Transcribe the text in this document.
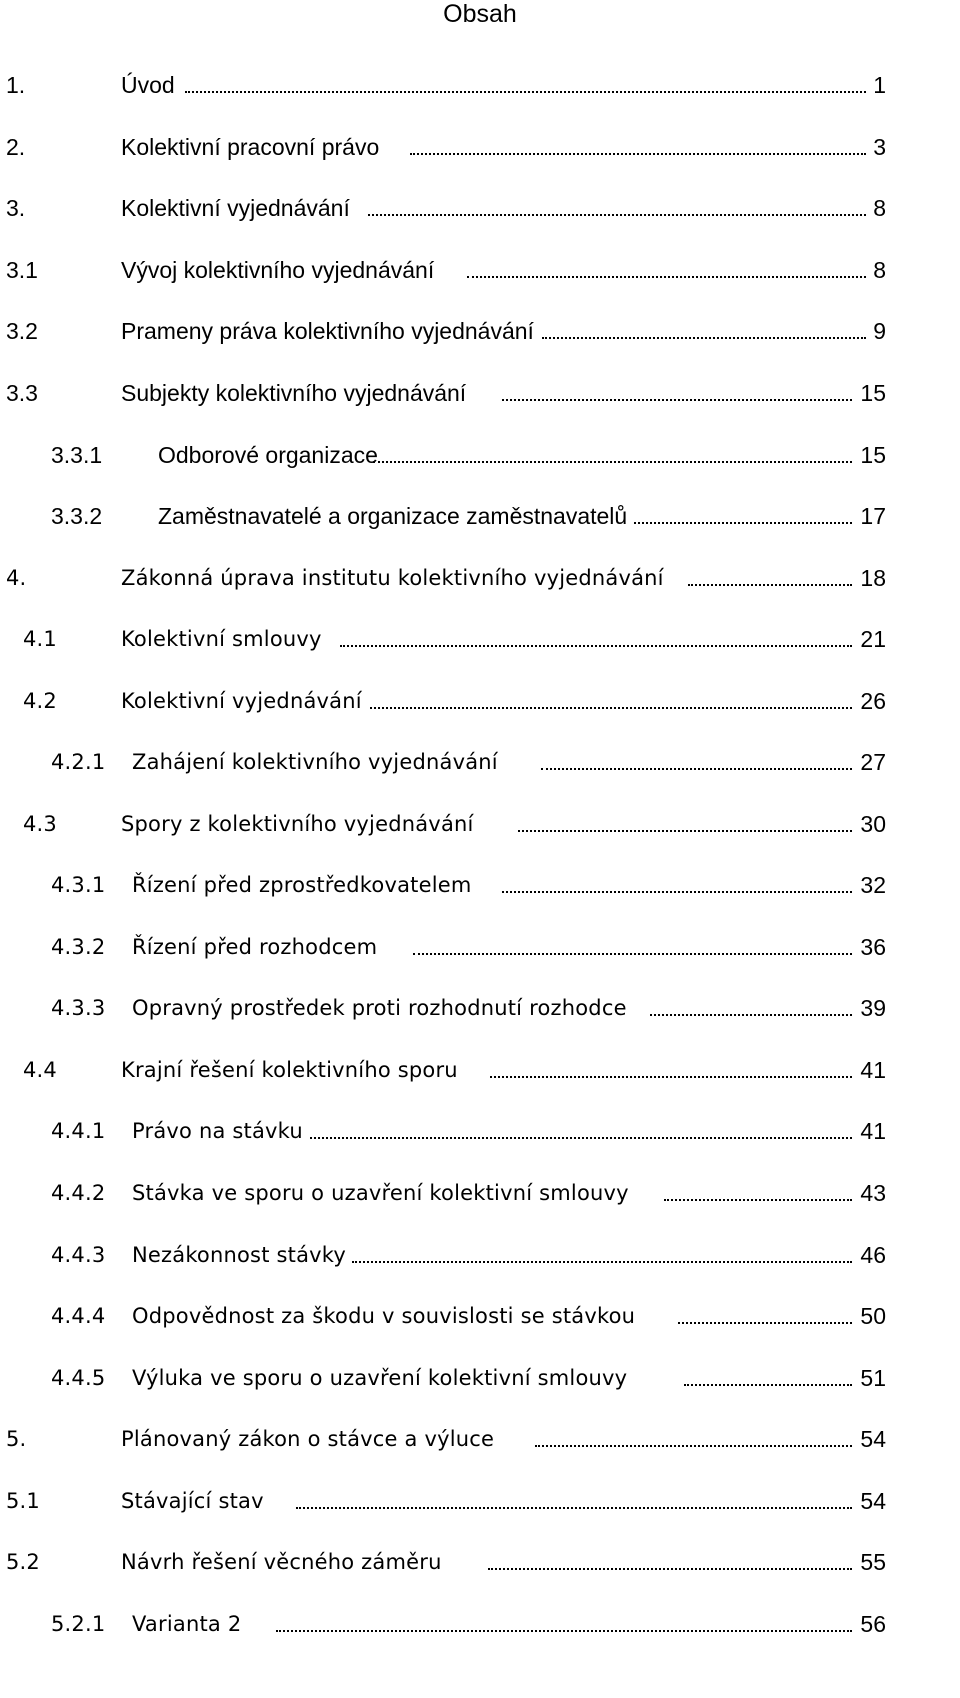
Obsah
1.	Úvod	1
2.	Kolektivní pracovní právo	3
3.	Kolektivní vyjednávání	8
3.1	Vývoj kolektivního vyjednávání	8
3.2	Prameny práva kolektivního vyjednávání	9
3.3	Subjekty kolektivního vyjednávání	15
3.3.1 Odborové organizace	15
3.3.2 Zaměstnavatelé a organizace zaměstnavatelů	17
4.	Zákonná úprava institutu kolektivního vyjednávání	18
4.1	Kolektivní smlouvy	21
4.2	Kolektivní vyjednávání	26
4.2.1 Zahájení kolektivního vyjednávání	27
4.3	Spory z kolektivního vyjednávání	30
4.3.1 Řízení před zprostředkovatelem	32
4.3.2 Řízení před rozhodcem	36
4.3.3 Opravný prostředek proti rozhodnutí rozhodce	39
4.4	Krajní řešení kolektivního sporu	41
4.4.1 Právo na stávku	41
4.4.2 Stávka ve sporu o uzavření kolektivní smlouvy	43
4.4.3 Nezákonnost stávky	46
4.4.4 Odpovědnost za škodu v souvislosti se stávkou	50
4.4.5 Výluka ve sporu o uzavření kolektivní smlouvy	51
5.	Plánovaný zákon o stávce a výluce	54
5.1	Stávající stav	54
5.2	Návrh řešení věcného záměru	55
5.2.1 Varianta 2	56
